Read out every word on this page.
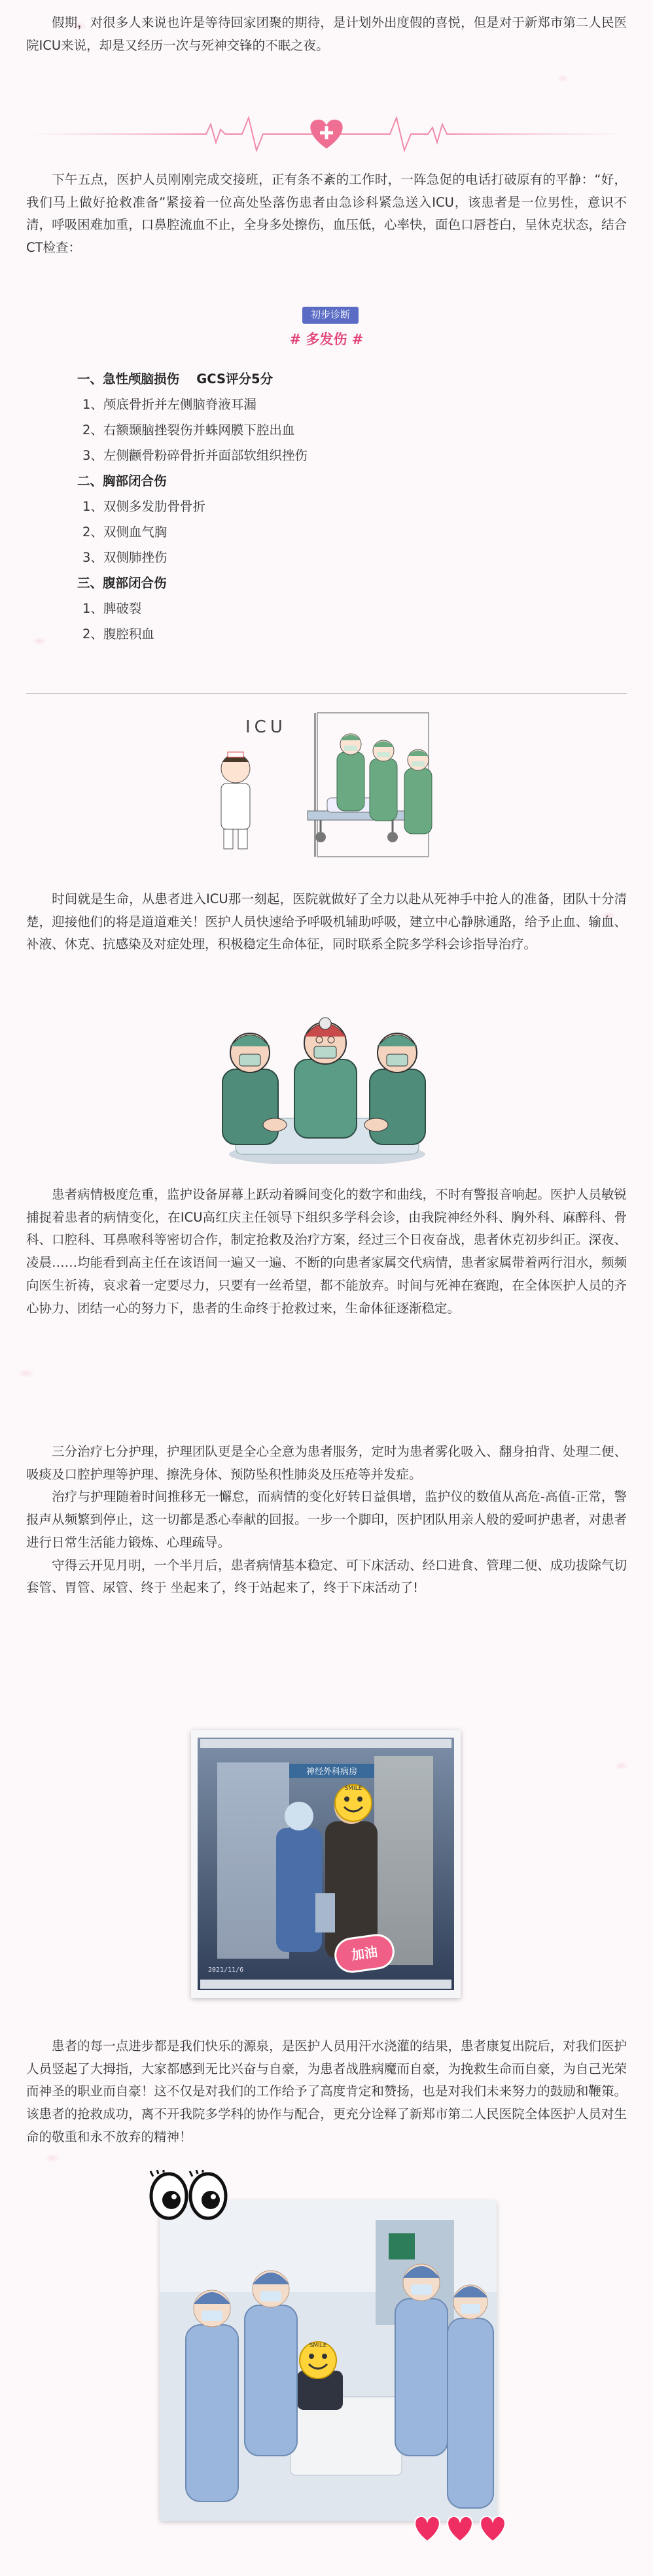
假期，对很多人来说也许是等待回家团聚的期待，是计划外出度假的喜悦，但是对于新郑市第二人民医院ICU来说，却是又经历一次与死神交锋的不眠之夜。
下午五点，医护人员刚刚完成交接班，正有条不紊的工作时，一阵急促的电话打破原有的平静：“好，我们马上做好抢救准备”紧接着一位高处坠落伤患者由急诊科紧急送入ICU，该患者是一位男性，意识不清，呼吸困难加重，口鼻腔流血不止，全身多处擦伤，血压低，心率快，面色口唇苍白，呈休克状态，结合CT检查：
初步诊断
# 多发伤 #
一、急性颅脑损伤　 GCS评分5分
1、颅底骨折并左侧脑脊液耳漏
2、右额颞脑挫裂伤并蛛网膜下腔出血
3、左侧颧骨粉碎骨折并面部软组织挫伤
二、胸部闭合伤
1、双侧多发肋骨骨折
2、双侧血气胸
3、双侧肺挫伤
三、腹部闭合伤
1、脾破裂
2、腹腔积血
ICU
时间就是生命，从患者进入ICU那一刻起，医院就做好了全力以赴从死神手中抢人的准备，团队十分清楚，迎接他们的将是道道难关！医护人员快速给予呼吸机辅助呼吸，建立中心静脉通路，给予止血、输血、补液、休克、抗感染及对症处理，积极稳定生命体征，同时联系全院多学科会诊指导治疗。
患者病情极度危重，监护设备屏幕上跃动着瞬间变化的数字和曲线，不时有警报音响起。医护人员敏锐捕捉着患者的病情变化，在ICU高红庆主任领导下组织多学科会诊，由我院神经外科、胸外科、麻醉科、骨科、口腔科、耳鼻喉科等密切合作，制定抢救及治疗方案，经过三个日夜奋战，患者休克初步纠正。深夜、凌晨……均能看到高主任在该语间一遍又一遍、不断的向患者家属交代病情，患者家属带着两行泪水，频频向医生祈祷，哀求着一定要尽力，只要有一丝希望，都不能放弃。时间与死神在赛跑，在全体医护人员的齐心协力、团结一心的努力下，患者的生命终于抢救过来，生命体征逐渐稳定。

三分治疗七分护理，护理团队更是全心全意为患者服务，定时为患者雾化吸入、翻身拍背、处理二便、吸痰及口腔护理等护理、擦洗身体、预防坠积性肺炎及压疮等并发症。

治疗与护理随着时间推移无一懈怠，而病情的变化好转日益俱增，监护仪的数值从高危-高值-正常，警报声从频繁到停止，这一切都是悉心奉献的回报。一步一个脚印，医护团队用亲人般的爱呵护患者，对患者进行日常生活能力锻炼、心理疏导。

守得云开见月明，一个半月后，患者病情基本稳定、可下床活动、经口进食、管理二便、成功拔除气切套管、胃管、尿管、终于 坐起来了，终于站起来了，终于下床活动了!

神经外科病房
SMILE
加油
2021/11/6
患者的每一点进步都是我们快乐的源泉，是医护人员用汗水浇灌的结果，患者康复出院后，对我们医护人员竖起了大拇指，大家都感到无比兴奋与自豪，为患者战胜病魔而自豪，为挽救生命而自豪，为自己光荣而神圣的职业而自豪！这不仅是对我们的工作给予了高度肯定和赞扬，也是对我们未来努力的鼓励和鞭策。该患者的抢救成功，离不开我院多学科的协作与配合，更充分诠释了新郑市第二人民医院全体医护人员对生命的敬重和永不放弃的精神！
SMILE
